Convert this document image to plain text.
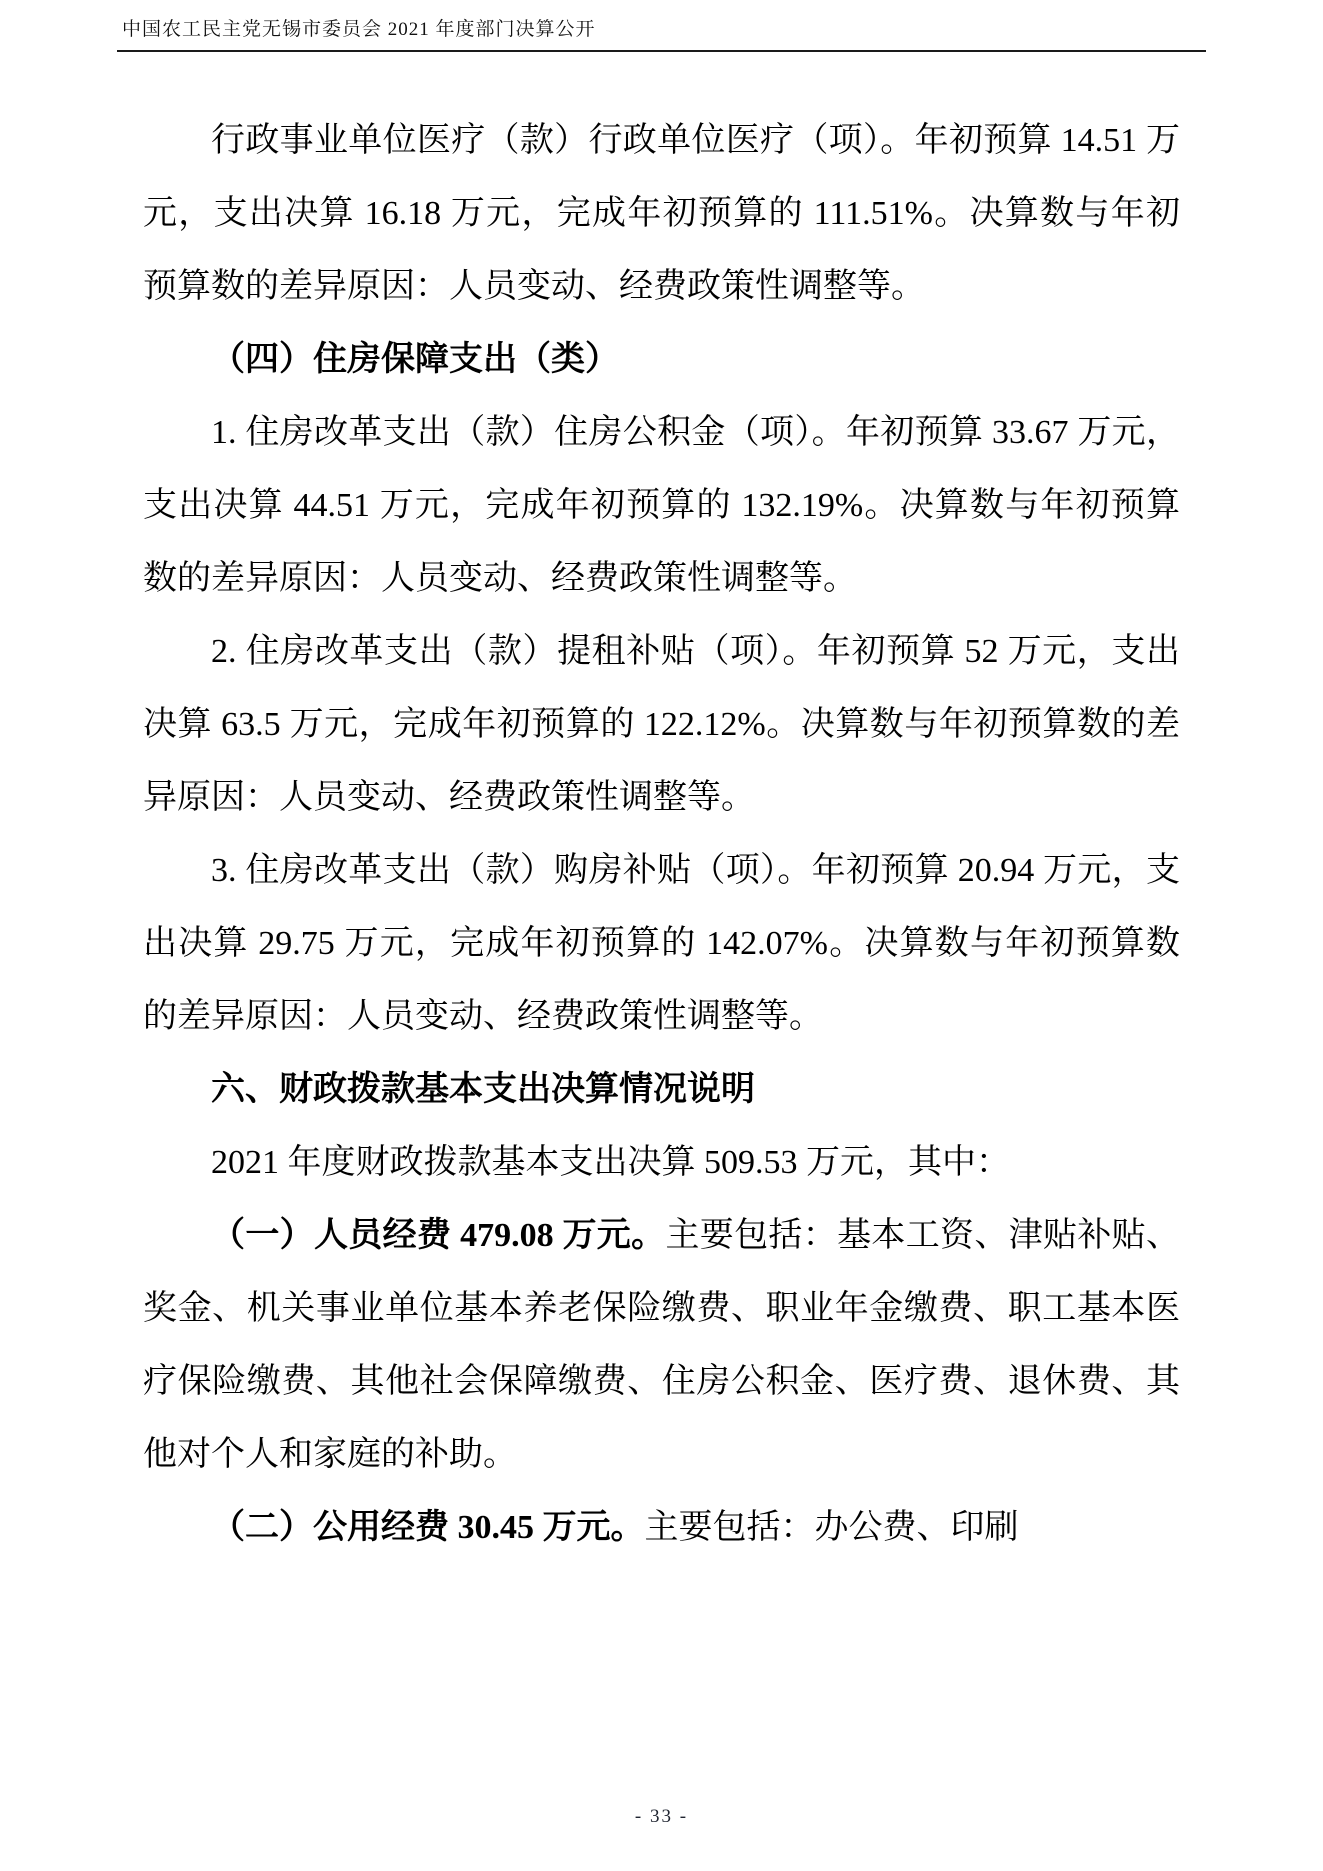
中国农工民主党无锡市委员会 2021 年度部门决算公开

行政事业单位医疗（款）行政单位医疗（项）。年初预算 14.51 万元，支出决算 16.18 万元，完成年初预算的 111.51%。决算数与年初预算数的差异原因：人员变动、经费政策性调整等。

（四）住房保障支出（类）

1. 住房改革支出（款）住房公积金（项）。年初预算 33.67 万元，支出决算 44.51 万元，完成年初预算的 132.19%。决算数与年初预算数的差异原因：人员变动、经费政策性调整等。

2. 住房改革支出（款）提租补贴（项）。年初预算 52 万元，支出决算 63.5 万元，完成年初预算的 122.12%。决算数与年初预算数的差异原因：人员变动、经费政策性调整等。

3. 住房改革支出（款）购房补贴（项）。年初预算 20.94 万元，支出决算 29.75 万元，完成年初预算的 142.07%。决算数与年初预算数的差异原因：人员变动、经费政策性调整等。

六、财政拨款基本支出决算情况说明

2021 年度财政拨款基本支出决算 509.53 万元，其中：

（一）人员经费 479.08 万元。主要包括：基本工资、津贴补贴、奖金、机关事业单位基本养老保险缴费、职业年金缴费、职工基本医疗保险缴费、其他社会保障缴费、住房公积金、医疗费、退休费、其他对个人和家庭的补助。

（二）公用经费 30.45 万元。主要包括：办公费、印刷

- 33 -
